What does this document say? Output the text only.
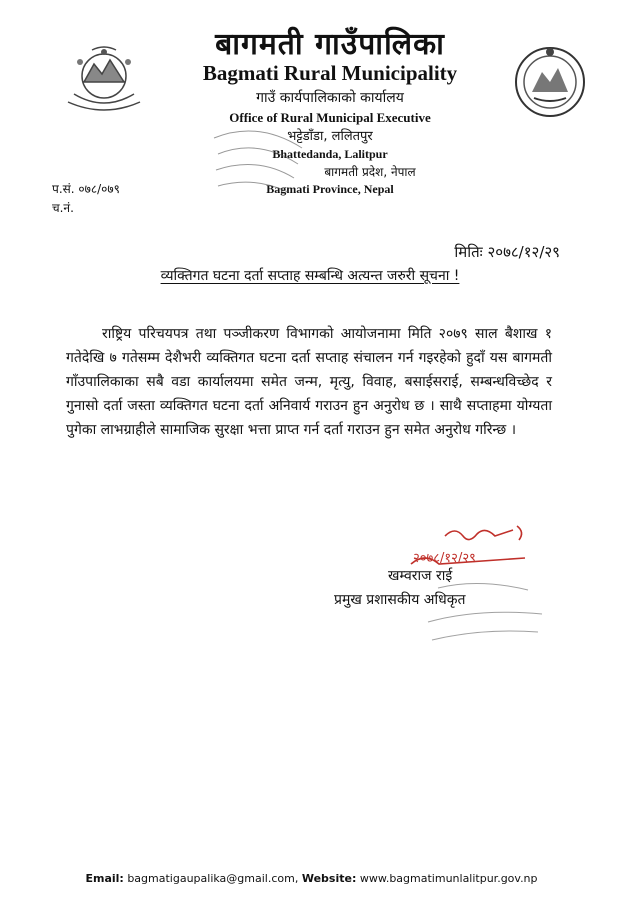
बागमती गाउँपालिका
Bagmati Rural Municipality
गाउँ कार्यपालिकाको कार्यालय
Office of Rural Municipal Executive
भट्टेडाँडा, ललितपुर
Bhattedanda, Lalitpur
बागमती प्रदेश, नेपाल
Bagmati Province, Nepal
प.सं. ०७८/०७९
च.नं.
मितिः २०७८/१२/२९
व्यक्तिगत घटना दर्ता सप्ताह सम्बन्धि अत्यन्त जरुरी सूचना !
राष्ट्रिय परिचयपत्र तथा पञ्जीकरण विभागको आयोजनामा मिति २०७९ साल बैशाख १ गतेदेखि ७ गतेसम्म देशैभरी व्यक्तिगत घटना दर्ता सप्ताह संचालन गर्न गइरहेको हुदाँ यस बागमती गाँउपालिकाका सबै वडा कार्यालयमा समेत जन्म, मृत्यु, विवाह, बसाईसराई, सम्बन्धविच्छेद र गुनासो दर्ता जस्ता व्यक्तिगत घटना दर्ता अनिवार्य गराउन हुन अनुरोध छ । साथै सप्ताहमा योग्यता पुगेका लाभग्राहीले सामाजिक सुरक्षा भत्ता प्राप्त गर्न दर्ता गराउन हुन समेत अनुरोध गरिन्छ ।
२०७८/१२/२९
खम्वराज राई
प्रमुख प्रशासकीय अधिकृत
Email: bagmatigaupalika@gmail.com, Website: www.bagmatimunlalitpur.gov.np
